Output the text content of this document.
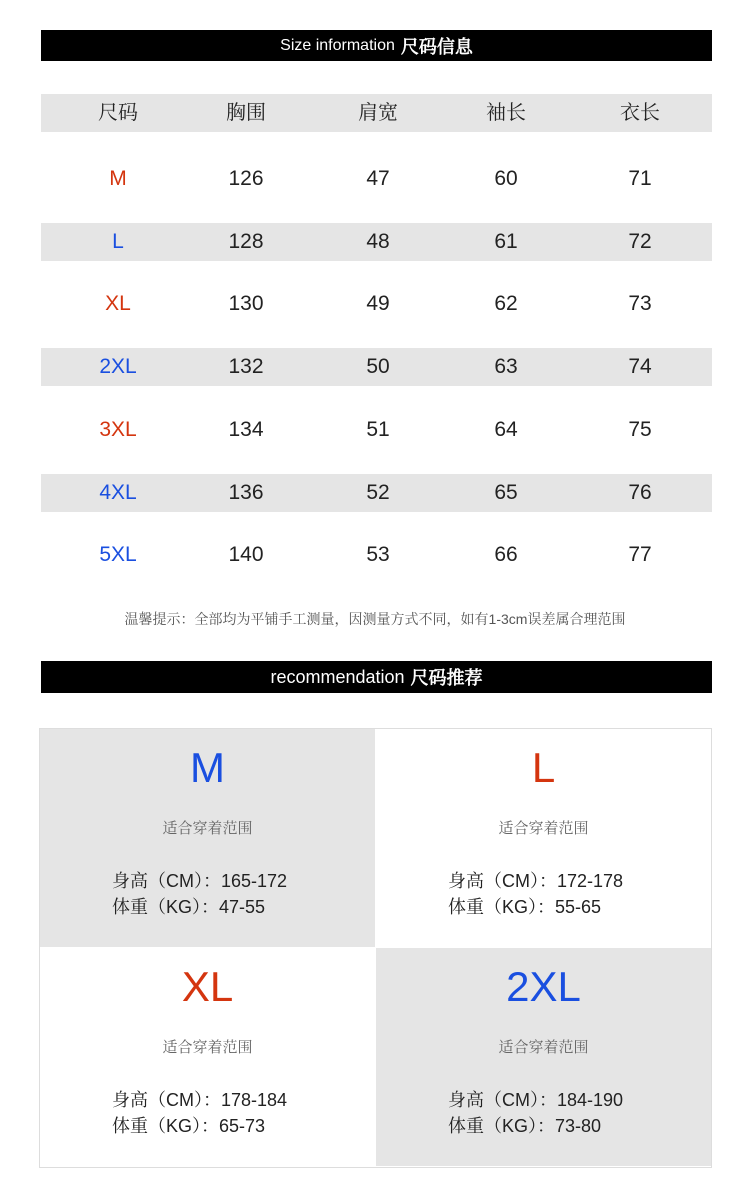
Size information 尺码信息
尺码	胸围	肩宽	袖长	衣长
M	126	47	60	71
L	128	48	61	72
XL	130	49	62	73
2XL	132	50	63	74
3XL	134	51	64	75
4XL	136	52	65	76
5XL	140	53	66	77
温馨提示：全部均为平铺手工测量，因测量方式不同，如有1-3cm误差属合理范围
recommendation 尺码推荐
M
适合穿着范围
身高（CM）：165-172
体重（KG）：47-55
L
适合穿着范围
身高（CM）：172-178
体重（KG）：55-65
XL
适合穿着范围
身高（CM）：178-184
体重（KG）：65-73
2XL
适合穿着范围
身高（CM）：184-190
体重（KG）：73-80
